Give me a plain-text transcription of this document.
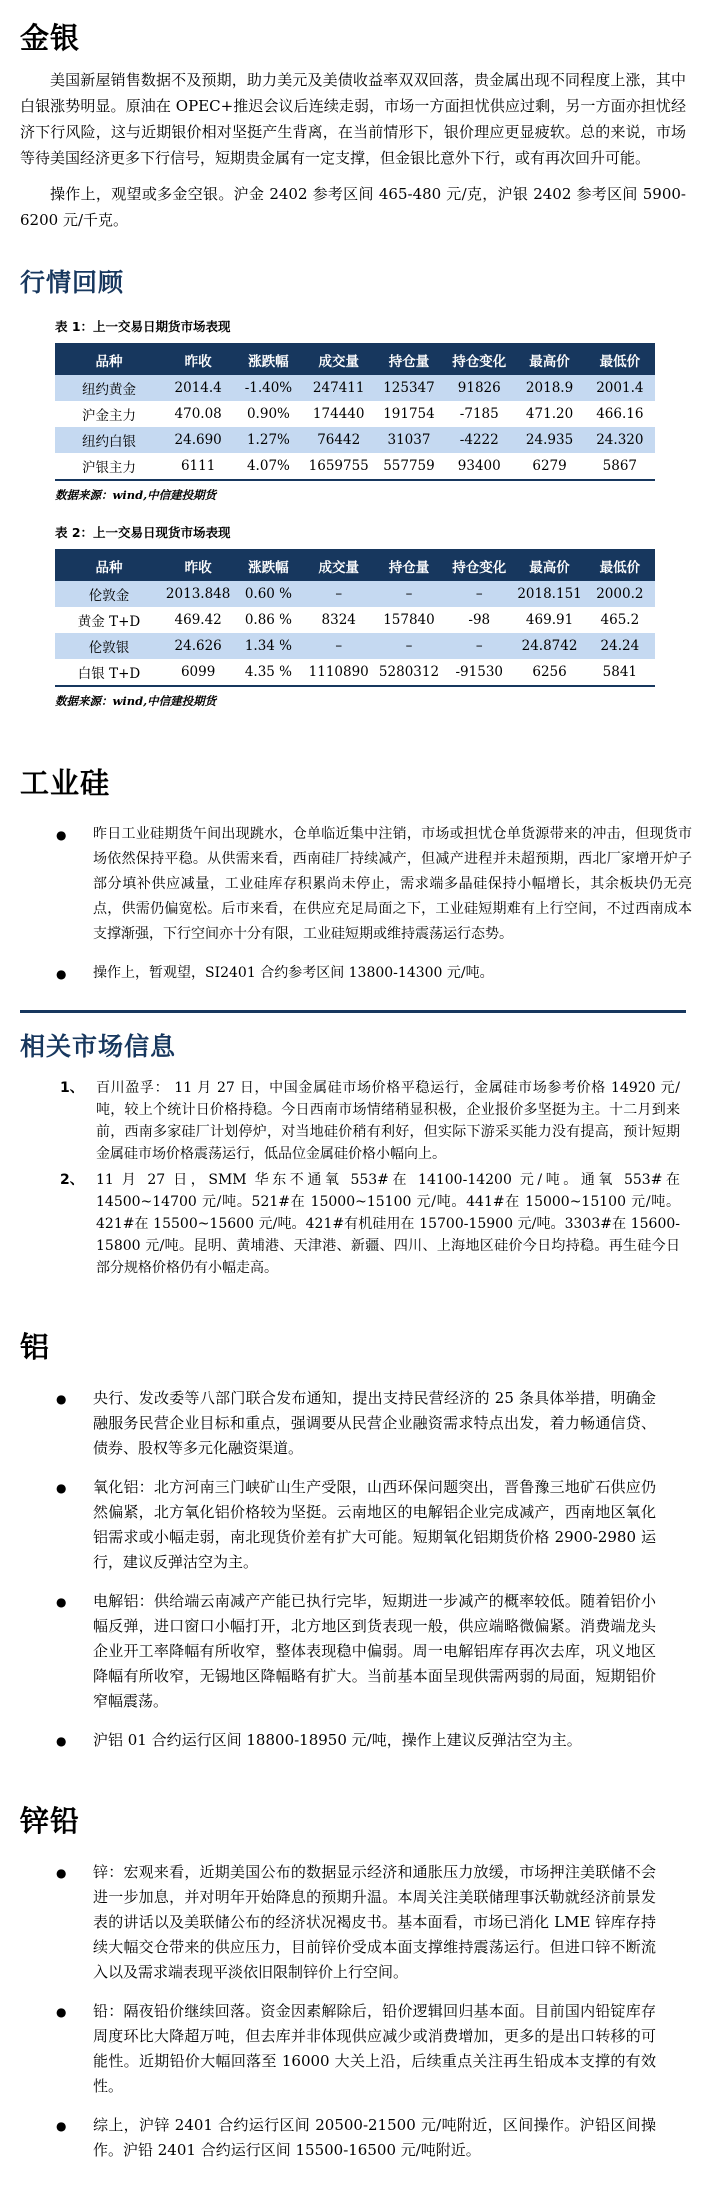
金银

美国新屋销售数据不及预期，助力美元及美债收益率双双回落，贵金属出现不同程度上涨，其中白银涨势明显。原油在 OPEC+推迟会议后连续走弱，市场一方面担忧供应过剩，另一方面亦担忧经济下行风险，这与近期银价相对坚挺产生背离，在当前情形下，银价理应更显疲软。总的来说，市场等待美国经济更多下行信号，短期贵金属有一定支撑，但金银比意外下行，或有再次回升可能。

操作上，观望或多金空银。沪金 2402 参考区间 465-480 元/克，沪银 2402 参考区间 5900-6200 元/千克。

行情回顾

表 1：上一交易日期货市场表现

品种	昨收	涨跌幅	成交量	持仓量	持仓变化	最高价	最低价
纽约黄金	2014.4	-1.40%	247411	125347	91826	2018.9	2001.4
沪金主力	470.08	0.90%	174440	191754	-7185	471.20	466.16
纽约白银	24.690	1.27%	76442	31037	-4222	24.935	24.320
沪银主力	6111	4.07%	1659755	557759	93400	6279	5867

数据来源：wind,中信建投期货

表 2：上一交易日现货市场表现

品种	昨收	涨跌幅	成交量	持仓量	持仓变化	最高价	最低价
伦敦金	2013.848	0.60 %	–	–	–	2018.151	2000.2
黄金 T+D	469.42	0.86 %	8324	157840	-98	469.91	465.2
伦敦银	24.626	1.34 %	–	–	–	24.8742	24.24
白银 T+D	6099	4.35 %	1110890	5280312	-91530	6256	5841

数据来源：wind,中信建投期货

工业硅
● 昨日工业硅期货午间出现跳水，仓单临近集中注销，市场或担忧仓单货源带来的冲击，但现货市场依然保持平稳。从供需来看，西南硅厂持续减产，但减产进程并未超预期，西北厂家增开炉子部分填补供应减量，工业硅库存积累尚未停止，需求端多晶硅保持小幅增长，其余板块仍无亮点，供需仍偏宽松。后市来看，在供应充足局面之下，工业硅短期难有上行空间，不过西南成本支撑渐强，下行空间亦十分有限，工业硅短期或维持震荡运行态势。
● 操作上，暂观望，SI2401 合约参考区间 13800-14300 元/吨。
相关市场信息
1、 百川盈孚： 11 月 27 日，中国金属硅市场价格平稳运行，金属硅市场参考价格 14920 元/吨，较上个统计日价格持稳。今日西南市场情绪稍显积极，企业报价多坚挺为主。十二月到来前，西南多家硅厂计划停炉，对当地硅价稍有利好，但实际下游采买能力没有提高，预计短期金属硅市场价格震荡运行，低品位金属硅价格小幅向上。
2、 11 月 27 日，SMM 华东不通氧 553#在 14100-14200 元/吨。通氧 553#在 14500~14700 元/吨。521#在 15000~15100 元/吨。441#在 15000~15100 元/吨。421#在 15500~15600 元/吨。421#有机硅用在 15700-15900 元/吨。3303#在 15600-15800 元/吨。昆明、黄埔港、天津港、新疆、四川、上海地区硅价今日均持稳。再生硅今日部分规格价格仍有小幅走高。
铝
● 央行、发改委等八部门联合发布通知，提出支持民营经济的 25 条具体举措，明确金融服务民营企业目标和重点，强调要从民营企业融资需求特点出发，着力畅通信贷、债券、股权等多元化融资渠道。
● 氧化铝：北方河南三门峡矿山生产受限，山西环保问题突出，晋鲁豫三地矿石供应仍然偏紧，北方氧化铝价格较为坚挺。云南地区的电解铝企业完成减产，西南地区氧化铝需求或小幅走弱，南北现货价差有扩大可能。短期氧化铝期货价格 2900-2980 运行，建议反弹沽空为主。
● 电解铝：供给端云南减产产能已执行完毕，短期进一步减产的概率较低。随着铝价小幅反弹，进口窗口小幅打开，北方地区到货表现一般，供应端略微偏紧。消费端龙头企业开工率降幅有所收窄，整体表现稳中偏弱。周一电解铝库存再次去库，巩义地区降幅有所收窄，无锡地区降幅略有扩大。当前基本面呈现供需两弱的局面，短期铝价窄幅震荡。
● 沪铝 01 合约运行区间 18800-18950 元/吨，操作上建议反弹沽空为主。
锌铅
● 锌：宏观来看，近期美国公布的数据显示经济和通胀压力放缓，市场押注美联储不会进一步加息，并对明年开始降息的预期升温。本周关注美联储理事沃勒就经济前景发表的讲话以及美联储公布的经济状况褐皮书。基本面看，市场已消化 LME 锌库存持续大幅交仓带来的供应压力，目前锌价受成本面支撑维持震荡运行。但进口锌不断流入以及需求端表现平淡依旧限制锌价上行空间。
● 铅：隔夜铅价继续回落。资金因素解除后，铅价逻辑回归基本面。目前国内铅锭库存周度环比大降超万吨，但去库并非体现供应减少或消费增加，更多的是出口转移的可能性。近期铅价大幅回落至 16000 大关上沿，后续重点关注再生铅成本支撑的有效性。
● 综上，沪锌 2401 合约运行区间 20500-21500 元/吨附近，区间操作。沪铅区间操作。沪铅 2401 合约运行区间 15500-16500 元/吨附近。
